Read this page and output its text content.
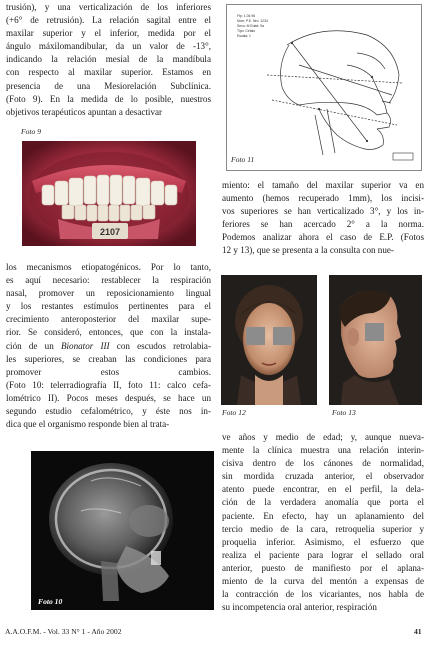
trusión), y una verticalización de los inferiores
(+6° de retrusión). La relación sagital entre el
maxilar superior y el inferior, medida por el
ángulo máxilomandibular, da un valor de -13°,
indicando la relación mesial de la mandíbula
con respecto al maxilar superior. Estamos en
presencia de una Mesiorelación Subclínica.
(Foto 9). En la medida de lo posible, nuestros
objetivos terapéuticos apuntan a desactivar
Foto 9
2107
los mecanismos etiopatogénicos. Por lo tanto,
es aquí necesario: restablecer la respiración
nasal, promover un reposicionamiento lingual
y los restantes estímulos pertinentes para el
crecimiento anteroposterior del maxilar supe-
rior. Se consideró, entonces, que con la instala-
ción de un Bionator III con escudos retrolabia-
les superiores, se creaban las condiciones para
promover estos cambios.
(Foto 10: telerradiografía II, foto 11: calco cefa-
lométrico II). Pocos meses después, se hace un
segundo estudio cefalométrico, y éste nos in-
dica que el organismo responde bien al trata-
Foto 10
Ftp: 1.04.96
Nom: P.E. Nro: 1234
Sexo: M Edad: 9a
Tipo: Cefalo
Escala: 1
Foto 11
miento: el tamaño del maxilar superior va en
aumento (hemos recuperado 1mm), los incisi-
vos superiores se han verticalizado 3°, y los in-
feriores se han acercado 2° a la norma.
Podemos analizar ahora el caso de E.P. (Fotos
12 y 13), que se presenta a la consulta con nue-
Foto 12	Foto 13
ve años y medio de edad; y, aunque nueva-
mente la clínica muestra una relación interin-
cisiva dentro de los cánones de normalidad,
sin mordida cruzada anterior, el observador
atento puede encontrar, en el perfil, la dela-
ción de la verdadera anomalía que porta el
paciente. En efecto, hay un aplanamiento del
tercio medio de la cara, retroquelia superior y
proquelia inferior. Asimismo, el esfuerzo que
realiza el paciente para lograr el sellado oral
anterior, puesto de manifiesto por el aplana-
miento de la curva del mentón a expensas de
la contracción de los vicariantes, nos habla de
su incompetencia oral anterior, respiración
A.A.O.F.M. - Vol. 33 N° 1 - Año 2002	41
